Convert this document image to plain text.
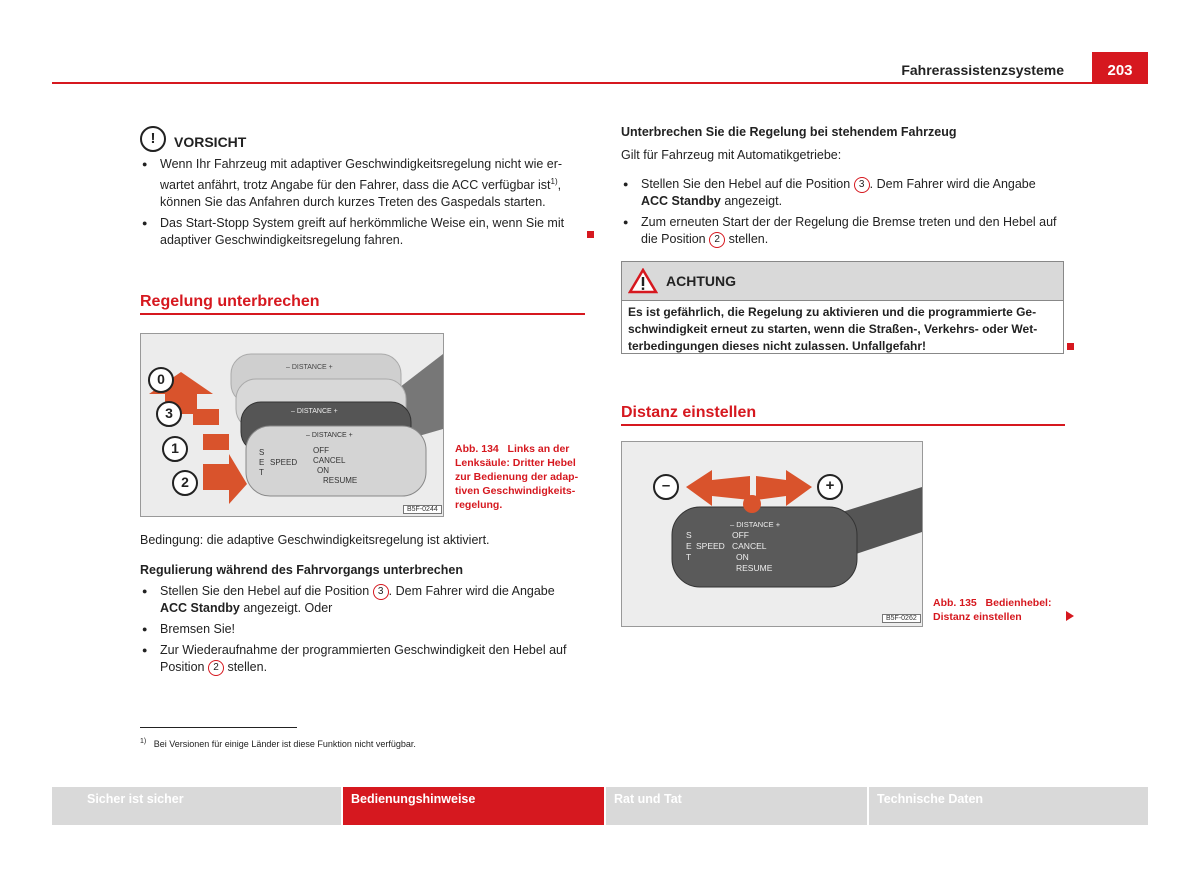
Fahrerassistenzsysteme	203
!	VORSICHT
● Wenn Ihr Fahrzeug mit adaptiver Geschwindigkeitsregelung nicht wie er-wartet anfährt, trotz Angabe für den Fahrer, dass die ACC verfügbar ist$^{1)}$, können Sie das Anfahren durch kurzes Treten des Gaspedals starten.
● Das Start-Stopp System greift auf herkömmliche Weise ein, wenn Sie mit adaptiver Geschwindigkeitsregelung fahren.
Regelung unterbrechen
0
3
1
2
– DISTANCE +
– DISTANCE +
– DISTANCE +
S
E
T
SPEED
OFF
CANCEL
ON
RESUME
B5F-0244
Abb. 134 Links an der Lenksäule: Dritter Hebel zur Bedienung der adap-tiven Geschwindigkeits-regelung.
Bedingung: die adaptive Geschwindigkeitsregelung ist aktiviert.
Regulierung während des Fahrvorgangs unterbrechen
● Stellen Sie den Hebel auf die Position 3 . Dem Fahrer wird die Angabe ACC Standby angezeigt. Oder
● Bremsen Sie!
● Zur Wiederaufnahme der programmierten Geschwindigkeit den Hebel auf Position 2 stellen.
$^{1)}$ Bei Versionen für einige Länder ist diese Funktion nicht verfügbar.
Unterbrechen Sie die Regelung bei stehendem Fahrzeug
Gilt für Fahrzeug mit Automatikgetriebe:
● Stellen Sie den Hebel auf die Position 3 . Dem Fahrer wird die Angabe ACC Standby angezeigt.
● Zum erneuten Start der der Regelung die Bremse treten und den Hebel auf die Position 2 stellen.
ACHTUNG
Es ist gefährlich, die Regelung zu aktivieren und die programmierte Ge-schwindigkeit erneut zu starten, wenn die Straßen-, Verkehrs- oder Wet-terbedingungen dieses nicht zulassen. Unfallgefahr!
Distanz einstellen
–	+
– DISTANCE +
S
E
T
SPEED
OFF
CANCEL
ON
RESUME
B5F-0262
Abb. 135 Bedienhebel: Distanz einstellen
Sicher ist sicher	Bedienungshinweise	Rat und Tat	Technische Daten
